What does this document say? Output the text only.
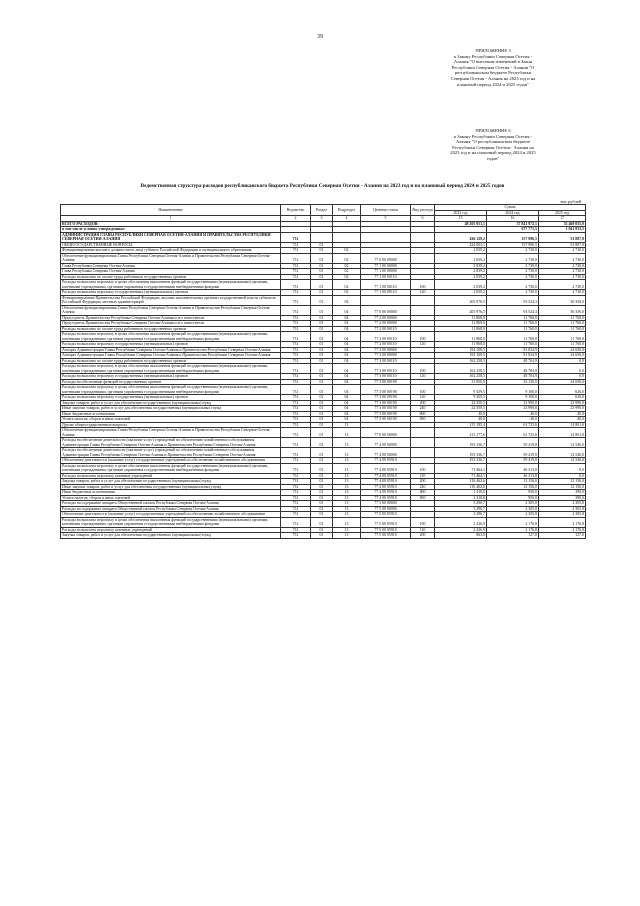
39
ПРИЛОЖЕНИЕ 3
к Закону Республики Северная Осетия -
Алания "О внесении изменений в Закон
Республики Северная Осетия - Алания "О
республиканском бюджете Республики
Северная Осетия - Алания на 2023 год и на
плановый период 2024 и 2025 годов"
ПРИЛОЖЕНИЕ 6
к Закону Республики Северная Осетия -
Алания "О республиканском бюджете
Республики Северная Осетия - Алания на
2023 год и на плановый период 2024 и 2025
годов"
Ведомственная структура расходов республиканского бюджета Республики Северная Осетия - Алания на 2023 год и на плановый период 2024 и 2025 годов
тыс.рублей
Наименование	Ведомство	Раздел	Подраздел	Целевая статья	Вид расхода	Сумма		
						2023 год	2024 год	2025 год
1	2	3	4	5	6	15	16	17
ВСЕГО РАСХОДОВ:						48 205 951,1	37 841 972,1	35 469 055,0
в том числе условно утвержденные:							677 771,5	1 041 833,5
АДМИНИСТРАЦИЯ ГЛАВЫ РЕСПУБЛИКИ СЕВЕРНАЯ ОСЕТИЯ-АЛАНИЯ И ПРАВИТЕЛЬСТВА РЕСПУБЛИКИ СЕВЕРНАЯ ОСЕТИЯ-АЛАНИЯ	731					436 129,2	157 996,5	53 887,8
ОБЩЕГОСУДАРСТВЕННЫЕ ВОПРОСЫ	731	01				424 003,1	157 996,5	53 887,8
Функционирование высшего должностного лица субъекта Российской Федерации и муниципального образования	731	01	02			2 839,2	2 730,0	2 730,0
Обеспечение функционирования Главы Республики Северная Осетия-Алания и Правительства Республики Северная Осетия-Алания	731	01	02	77 0 00 00000		2 839,2	2 730,0	2 730,0
Глава Республики Северная Осетия-Алания	731	01	02	77 1 00 00000		2 839,2	2 730,0	2 730,0
Глава Республики Северная Осетия-Алания	731	01	02	77 1 00 00000		2 839,2	2 730,0	2 730,0
Расходы на выплаты по оплате труда работников государственных органов	731	01	02	77 1 00 00110		2 839,2	2 730,0	2 730,0
Расходы на выплаты персоналу в целях обеспечения выполнения функций государственными (муниципальными) органами, казенными учреждениями, органами управления государственными внебюджетными фондами	731	01	02	77 1 00 00110	100	2 839,2	2 730,0	2 730,0
Расходы на выплаты персоналу государственных (муниципальных) органов	731	01	02	77 1 00 00110	120	2 839,2	2 730,0	2 730,0
Функционирование Правительства Российской Федерации, высших исполнительных органов государственной власти субъектов Российской Федерации, местных администраций	731	01	04			205 976,5	93 524,3	36 356,0
Обеспечение функционирования Главы Республики Северная Осетия-Алания и Правительства Республики Северная Осетия-Алания	731	01	04	77 0 00 00000		205 976,5	93 524,3	36 356,0
Председатель Правительства Республики Северная Осетия-Алания и его заместители	731	01	04	77 2 00 00000		11 868,0	11 760,0	11 760,0
Председатель Правительства Республики Северная Осетия-Алания и его заместители	731	01	04	77 2 00 00000		11 868,0	11 760,0	11 760,0
Расходы на выплаты по оплате труда работников государственных органов	731	01	04	77 2 00 00110		11 868,0	11 760,0	11 760,0
Расходы на выплаты персоналу в целях обеспечения выполнения функций государственными (муниципальными) органами, казенными учреждениями, органами управления государственными внебюджетными фондами	731	01	04	77 2 00 00110	100	11 868,0	11 760,0	11 760,0
Расходы на выплаты персоналу государственных (муниципальных) органов	731	01	04	77 2 00 00110	120	11 868,0	11 760,0	11 760,0
Аппарат Администрации Главы Республики Северная Осетия-Алания и Правительства Республики Северная Осетия-Алания	731	01	04	77 3 00 00000		194 108,5	81 834,9	24 656,0
Аппарат Администрации Главы Республики Северная Осетия-Алания и Правительства Республики Северная Осетия-Алания	731	01	04	77 3 00 00000		194 108,5	81 834,9	24 656,0
Расходы на выплаты по оплате труда работников государственных органов	731	01	04	77 3 00 00110		162 258,5	48 704,9	0,0
Расходы на выплаты персоналу в целях обеспечения выполнения функций государственными (муниципальными) органами, казенными учреждениями, органами управления государственными внебюджетными фондами	731	01	04	77 3 00 00110	100	162 258,5	48 704,9	0,0
Расходы на выплаты персоналу государственных (муниципальных) органов	731	01	04	77 3 00 00110	120	162 258,5	48 704,9	0,0
Расходы на обеспечение функций государственных органов	731	01	04	77 3 00 00190		31 850,0	33 130,0	24 656,0
Расходы на выплаты персоналу в целях обеспечения выполнения функций государственными (муниципальными) органами, казенными учреждениями, органами управления государственными внебюджетными фондами	731	01	04	77 3 00 00190	100	9 459,5	9 100,0	626,0
Расходы на выплаты персоналу государственных (муниципальных) органов	731	01	04	77 3 00 00190	120	9 459,5	9 100,0	626,0
Закупка товаров, работ и услуг для обеспечения государственных (муниципальных) нужд	731	01	04	77 3 00 00190	200	22 350,5	23 990,0	23 990,0
Иные закупки товаров, работ и услуг для обеспечения государственных (муниципальных) нужд	731	01	04	77 3 00 00190	240	22 350,5	23 990,0	23 990,0
Иные бюджетные ассигнования	731	01	04	77 3 00 00190	800	40,0	40,0	40,0
Уплата налогов, сборов и иных платежей	731	01	04	77 3 00 00190	850	40,0	40,0	40,0
Другие общегосударственные вопросы	731	01	13			215 185,4	61 725,6	14 801,8
Обеспечение функционирования Главы Республики Северная Осетия-Алания и Правительства Республики Северная Осетия-Алания	731	01	13	77 0 00 00000		213 177,6	61 725,6	14 801,8
Расходы на обеспечение деятельности (оказание услуг) учреждений по обеспечению хозяйственного обслуживания Администрации Главы Республики Северная Осетия-Алания и Правительства Республики Северная Осетия-Алания	731	01	13	77 4 00 00000		193 336,7	59 419,8	12 546,0
Расходы на обеспечение деятельности (оказание услуг) учреждений по обеспечению хозяйственного обслуживания Администрации Главы Республики Северная Осетия-Алания и Правительства Республики Северная Осетия-Алания	731	01	13	77 4 00 00000		193 336,7	59 419,8	12 546,0
Обеспечение деятельности (оказание услуг) государственных учреждений по обеспечению хозяйственного обслуживания	731	01	13	77 4 00 05910		193 336,7	59 419,8	12 546,0
Расходы на выплаты персоналу в целях обеспечения выполнения функций государственными (муниципальными) органами, казенными учреждениями, органами управления государственными внебюджетными фондами	731	01	13	77 4 00 05910	100	71 464,1	46 313,8	0,0
Расходы на выплаты персоналу казенных учреждений	731	01	13	77 4 00 05910	110	71 464,1	46 313,8	0,0
Закупка товаров, работ и услуг для обеспечения государственных (муниципальных) нужд	731	01	13	77 4 00 05910	200	116 462,6	12 156,0	12 156,0
Иные закупки товаров, работ и услуг для обеспечения государственных (муниципальных) нужд	731	01	13	77 4 00 05910	240	116 462,6	12 156,0	12 156,0
Иные бюджетные ассигнования	731	01	13	77 4 00 05910	800	1 410,0	950,0	390,0
Уплата налогов, сборов и иных платежей	731	01	13	77 4 00 05910	850	1 410,0	950,0	390,0
Расходы на содержание аппарата Общественной палаты Республики Северная Осетия-Алания	731	01	13	77 5 00 00000		3 296,7	2 305,8	2 305,8
Расходы на содержание аппарата Общественной палаты Республики Северная Осетия-Алания	731	01	13	77 5 00 00000		3 296,7	2 305,8	2 305,8
Обеспечение деятельности (оказание услуг) государственных учреждений по обеспечению хозяйственного обслуживания	731	01	13	77 5 00 05910		3 296,7	2 305,8	2 305,8
Расходы на выплаты персоналу в целях обеспечения выполнения функций государственными (муниципальными) органами, казенными учреждениями, органами управления государственными внебюджетными фондами	731	01	13	77 5 00 05910	100	2 426,9	2 176,8	2 176,8
Расходы на выплаты персоналу казенных учреждений	731	01	13	77 5 00 05910	110	2 426,9	2 176,8	2 176,8
Закупка товаров, работ и услуг для обеспечения государственных (муниципальных) нужд	731	01	13	77 5 00 05910	200	863,8	127,0	127,0
